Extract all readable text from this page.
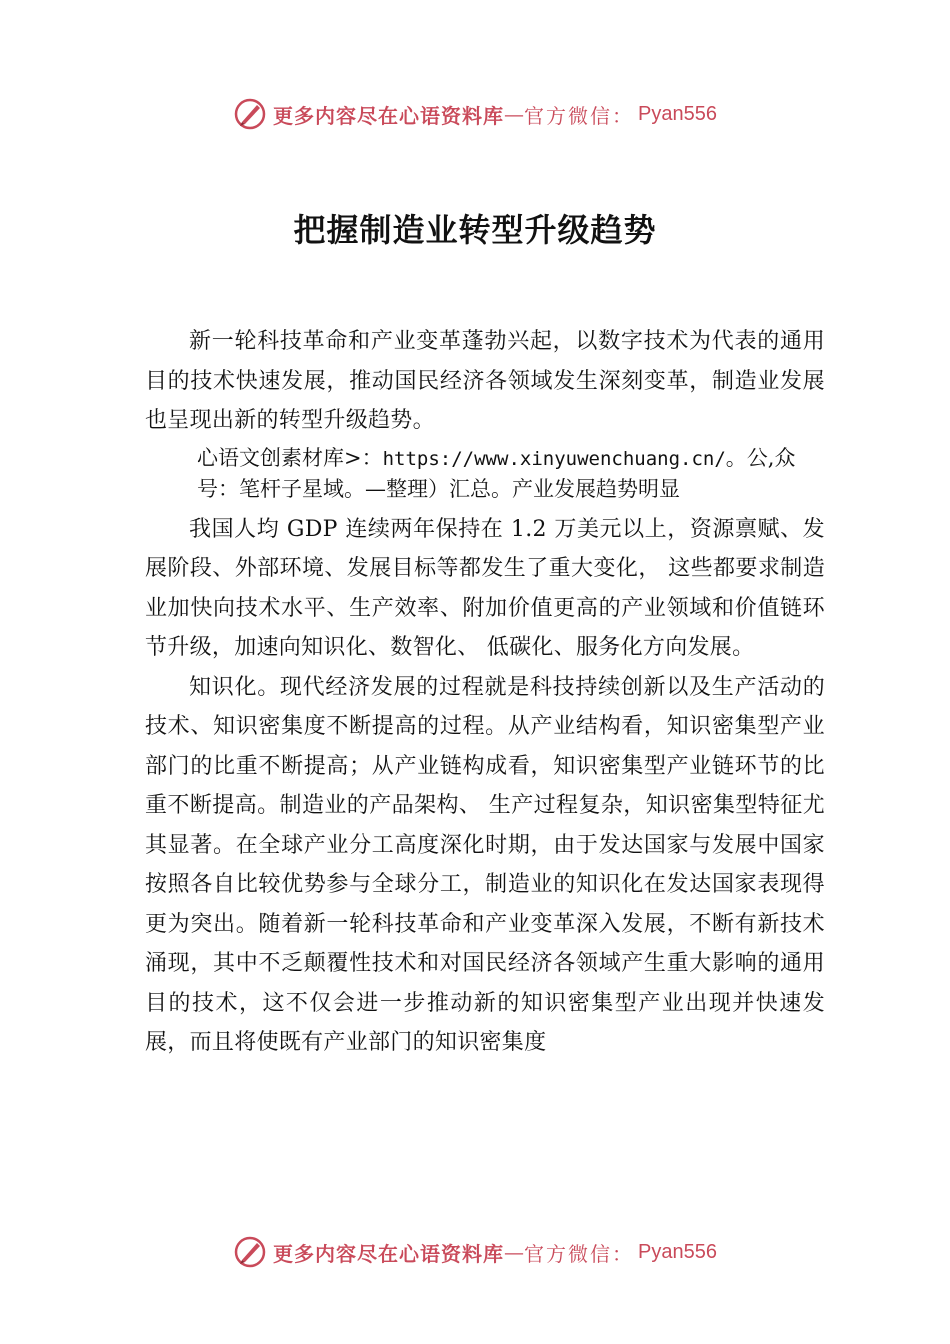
更多内容尽在心语资料库 — 官方微信： Pyan556
把握制造业转型升级趋势

新一轮科技革命和产业变革蓬勃兴起，以数字技术为代表的通用目的技术快速发展，推动国民经济各领域发生深刻变革，制造业发展也呈现出新的转型升级趋势。

心语文创素材库>：https://www.xinyuwenchuang.cn/。公,众号：笔杆子星域。—整理）汇总。产业发展趋势明显

我国人均 GDP 连续两年保持在 1.2 万美元以上，资源禀赋、发展阶段、外部环境、发展目标等都发生了重大变化， 这些都要求制造业加快向技术水平、生产效率、附加价值更高的产业领域和价值链环节升级，加速向知识化、数智化、 低碳化、服务化方向发展。

知识化。现代经济发展的过程就是科技持续创新以及生产活动的技术、知识密集度不断提高的过程。从产业结构看，知识密集型产业部门的比重不断提高；从产业链构成看，知识密集型产业链环节的比重不断提高。制造业的产品架构、 生产过程复杂，知识密集型特征尤其显著。在全球产业分工高度深化时期，由于发达国家与发展中国家按照各自比较优势参与全球分工，制造业的知识化在发达国家表现得更为突出。随着新一轮科技革命和产业变革深入发展，不断有新技术涌现，其中不乏颠覆性技术和对国民经济各领域产生重大影响的通用目的技术，这不仅会进一步推动新的知识密集型产业出现并快速发展，而且将使既有产业部门的知识密集度

更多内容尽在心语资料库 — 官方微信： Pyan556
